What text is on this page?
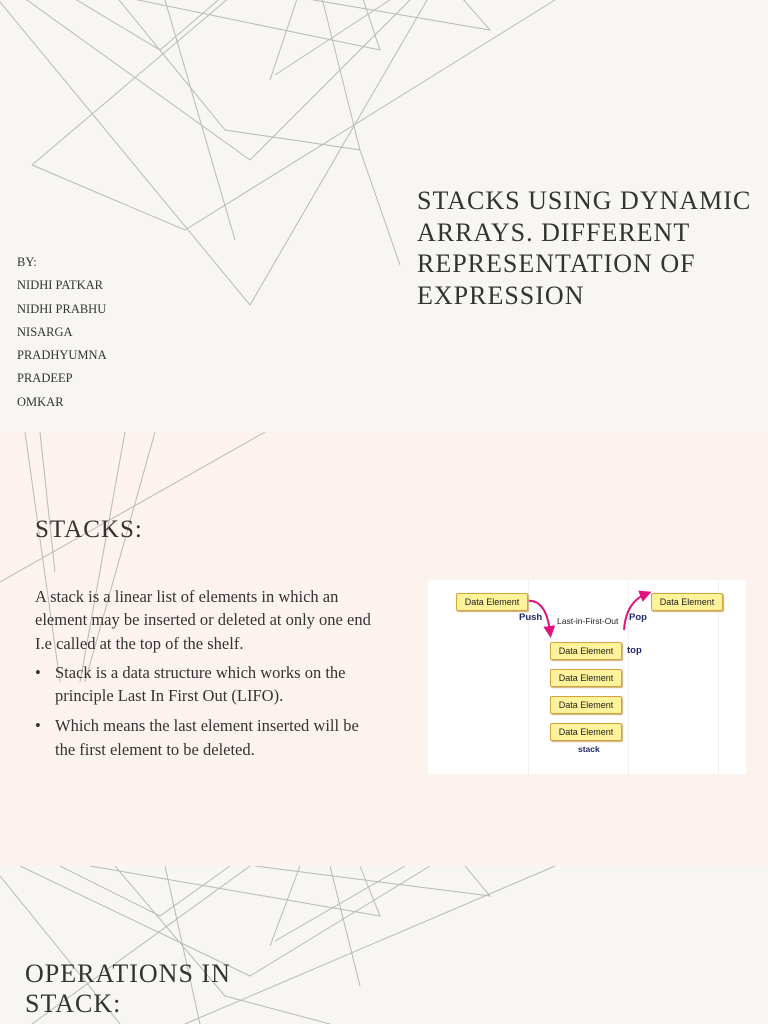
STACKS USING DYNAMIC
ARRAYS. DIFFERENT
REPRESENTATION OF
EXPRESSION
BY:
NIDHI PATKAR
NIDHI PRABHU
NISARGA
PRADHYUMNA
PRADEEP
OMKAR
STACKS:

A stack is a linear list of elements in which an element may be inserted or deleted at only one end I.e called at the top of the shelf.

• Stack is a data structure which works on the principle Last In First Out (LIFO).
• Which means the last element inserted will be the first element to be deleted.
Data Element	Data Element
Push Last-in-First-Out Pop
Data Element	top
Data Element
Data Element
Data Element
stack
OPERATIONS IN
STACK:
